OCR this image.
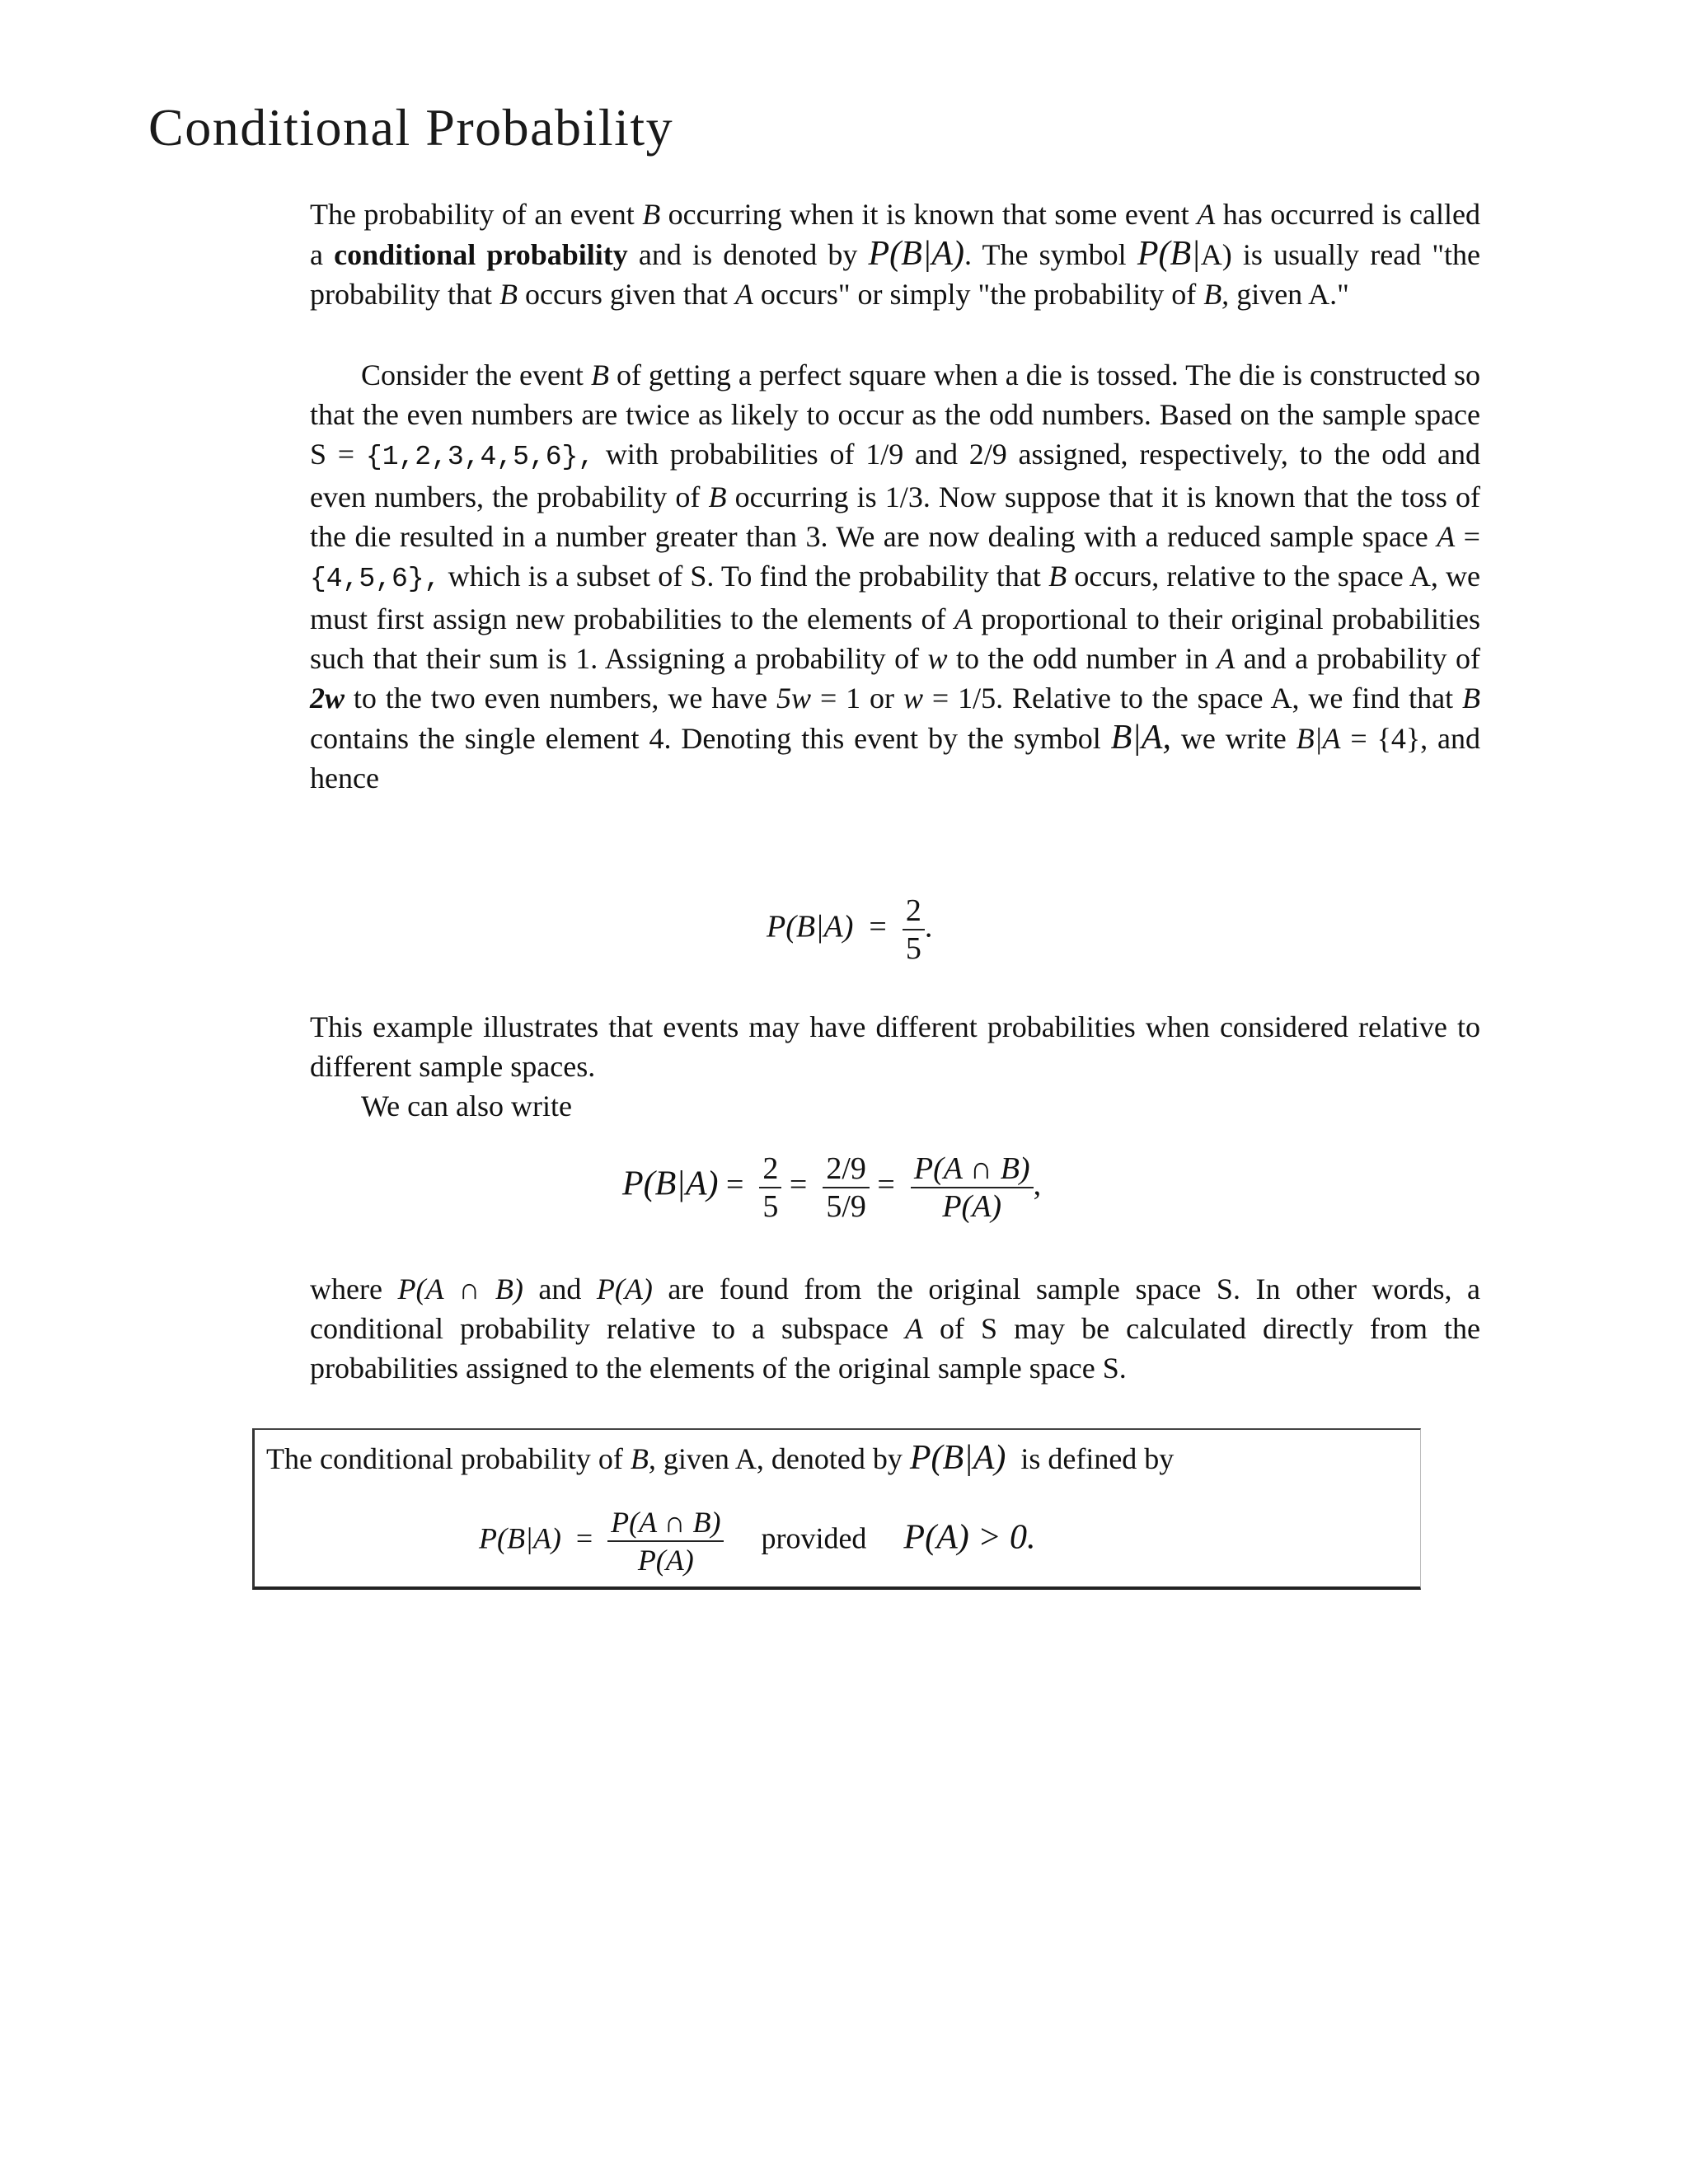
Conditional Probability

The probability of an event B occurring when it is known that some event A has occurred is called a conditional probability and is denoted by P(B|A). The symbol P(B|A) is usually read "the probability that B occurs given that A occurs" or simply "the probability of B, given A."

Consider the event B of getting a perfect square when a die is tossed. The die is constructed so that the even numbers are twice as likely to occur as the odd numbers. Based on the sample space S = {1,2,3,4,5,6}, with probabilities of 1/9 and 2/9 assigned, respectively, to the odd and even numbers, the probability of B occurring is 1/3. Now suppose that it is known that the toss of the die resulted in a number greater than 3. We are now dealing with a reduced sample space A = {4,5,6}, which is a subset of S. To find the probability that B occurs, relative to the space A, we must first assign new probabilities to the elements of A proportional to their original probabilities such that their sum is 1. Assigning a probability of w to the odd number in A and a probability of 2w to the two even numbers, we have 5w = 1 or w = 1/5. Relative to the space A, we find that B contains the single element 4. Denoting this event by the symbol B|A, we write B|A = {4}, and hence

$P(B|A) = \frac{2}{5}$ .

This example illustrates that events may have different probabilities when considered relative to different sample spaces.

We can also write

$P(B|A) = \frac{2}{5} = \frac{2/9}{5/9} = \frac{P(A \cap B)}{P(A)}$ ,

where P(A ∩ B) and P(A) are found from the original sample space S. In other words, a conditional probability relative to a subspace A of S may be calculated directly from the probabilities assigned to the elements of the original sample space S.

The conditional probability of B, given A, denoted by P(B|A)  is defined by
$P(B|A) = \frac{P(A \cap B)}{P(A)}$ provided P(A) > 0.
